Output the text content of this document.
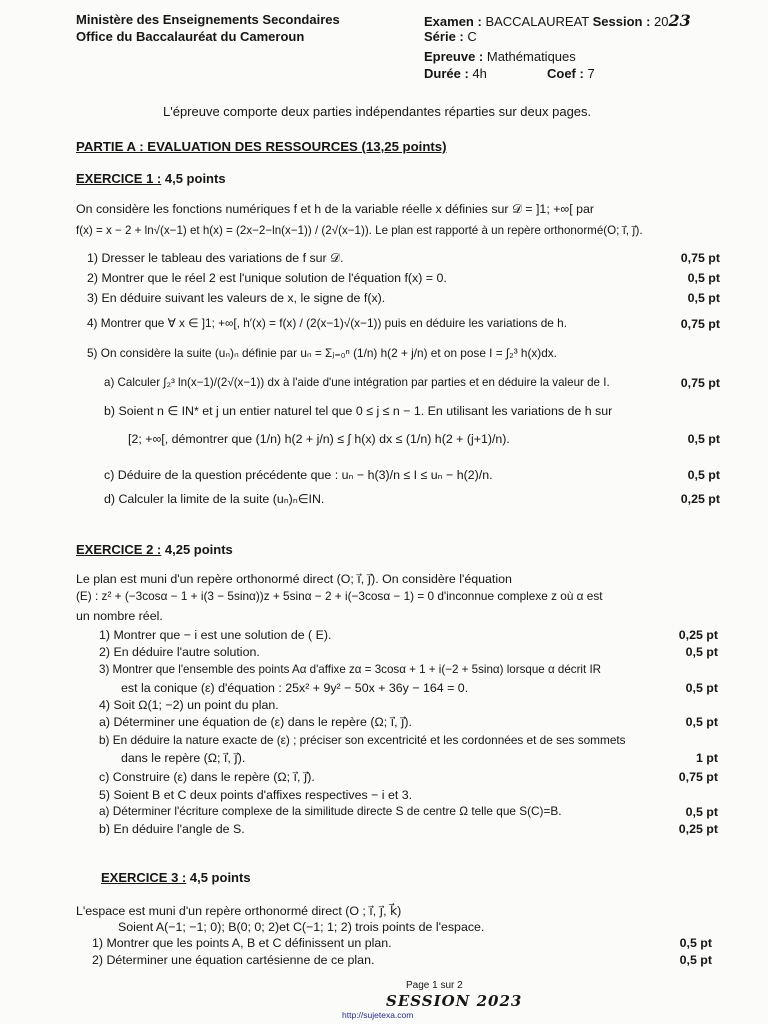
Ministère des Enseignements Secondaires
Office du Baccalauréat du Cameroun
Examen : BACCALAUREAT Session : 2023
Série : C
Epreuve : Mathématiques
Durée : 4h	Coef : 7
L'épreuve comporte deux parties indépendantes réparties sur deux pages.
PARTIE A : EVALUATION DES RESSOURCES (13,25 points)
EXERCICE 1 : 4,5 points
On considère les fonctions numériques f et h de la variable réelle x définies sur 𝒟 = ]1; +∞[ par
f(x) = x − 2 + ln√(x−1) et h(x) = (2x−2−ln(x−1)) / (2√(x−1)). Le plan est rapporté à un repère orthonormé(O; i⃗, j⃗).
1) Dresser le tableau des variations de f sur 𝒟.	0,75 pt
2) Montrer que le réel 2 est l'unique solution de l'équation f(x) = 0.	0,5 pt
3) En déduire suivant les valeurs de x, le signe de f(x).	0,5 pt
4) Montrer que ∀ x ∈ ]1; +∞[, h′(x) = f(x) / (2(x−1)√(x−1)) puis en déduire les variations de h.	0,75 pt
5) On considère la suite (uₙ)ₙ définie par uₙ = Σⱼ₌₀ⁿ (1/n) h(2 + j/n) et on pose I = ∫₂³ h(x)dx.
a) Calculer ∫₂³ ln(x−1)/(2√(x−1)) dx à l'aide d'une intégration par parties et en déduire la valeur de I.	0,75 pt
b) Soient n ∈ IN* et j un entier naturel tel que 0 ≤ j ≤ n − 1. En utilisant les variations de h sur
[2; +∞[, démontrer que (1/n) h(2 + j/n) ≤ ∫ h(x) dx ≤ (1/n) h(2 + (j+1)/n).	0,5 pt
c) Déduire de la question précédente que : uₙ − h(3)/n ≤ I ≤ uₙ − h(2)/n.	0,5 pt
d) Calculer la limite de la suite (uₙ)ₙ∈IN.	0,25 pt
EXERCICE 2 : 4,25 points
Le plan est muni d'un repère orthonormé direct (O; i⃗, j⃗). On considère l'équation
(E) : z² + (−3cosα − 1 + i(3 − 5sinα))z + 5sinα − 2 + i(−3cosα − 1) = 0 d'inconnue complexe z où α est
un nombre réel.
1) Montrer que − i est une solution de ( E).	0,25 pt
2) En déduire l'autre solution.	0,5 pt
3) Montrer que l'ensemble des points Aα d'affixe zα = 3cosα + 1 + i(−2 + 5sinα) lorsque α décrit IR
est la conique (ε) d'équation : 25x² + 9y² − 50x + 36y − 164 = 0.	0,5 pt
4) Soit Ω(1; −2) un point du plan.
a) Déterminer une équation de (ε) dans le repère (Ω; i⃗, j⃗).	0,5 pt
b) En déduire la nature exacte de (ε) ; préciser son excentricité et les cordonnées et de ses sommets
dans le repère (Ω; i⃗, j⃗).	1 pt
c) Construire (ε) dans le repère (Ω; i⃗, j⃗).	0,75 pt
5) Soient B et C deux points d'affixes respectives − i et 3.
a) Déterminer l'écriture complexe de la similitude directe S de centre Ω telle que S(C)=B.	0,5 pt
b) En déduire l'angle de S.	0,25 pt
EXERCICE 3 : 4,5 points
L'espace est muni d'un repère orthonormé direct (O ; i⃗, j⃗, k⃗)
Soient A(−1; −1; 0); B(0; 0; 2)et C(−1; 1; 2) trois points de l'espace.
1) Montrer que les points A, B et C définissent un plan.	0,5 pt
2) Déterminer une équation cartésienne de ce plan.	0,5 pt
Page 1 sur 2
SESSION 2023
http://sujetexa.com
